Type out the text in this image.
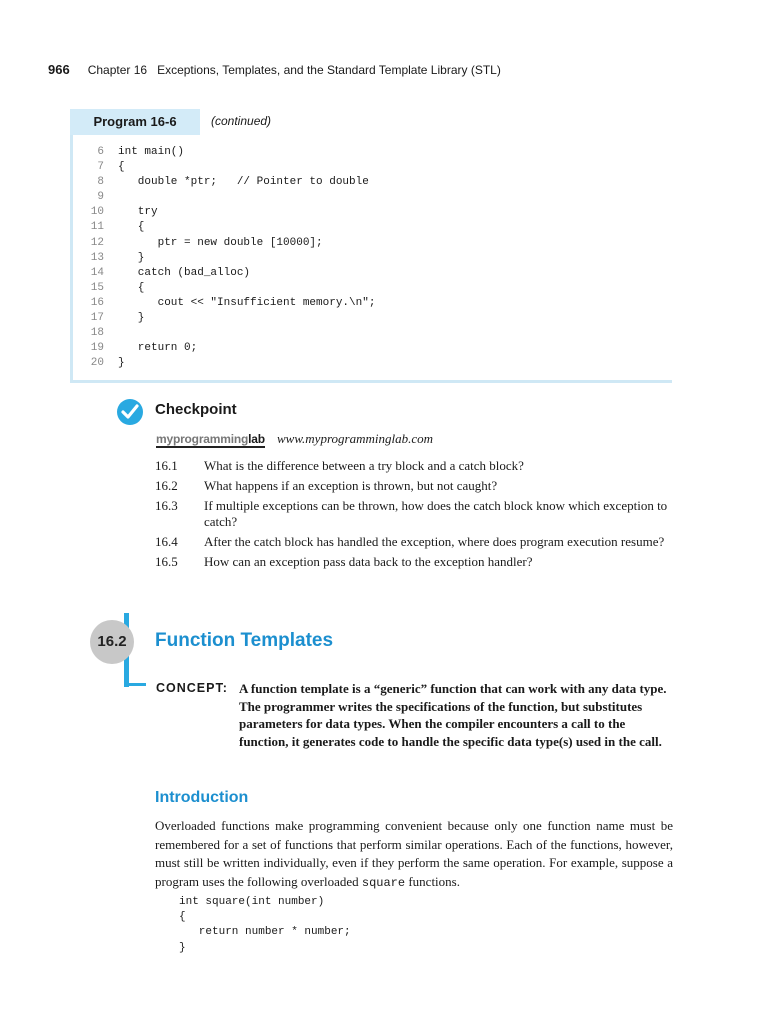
966 Chapter 16   Exceptions, Templates, and the Standard Template Library (STL)
Program 16-6	(continued)
6 int main()
7 {
8   double *ptr;   // Pointer to double
9
10   try
11   {
12      ptr = new double [10000];
13   }
14   catch (bad_alloc)
15   {
16      cout << "Insufficient memory.\n";
17   }
18
19   return 0;
20 }
Checkpoint
myprogramminglab www.myprogramminglab.com
16.1	What is the difference between a try block and a catch block?
16.2	What happens if an exception is thrown, but not caught?
16.3	If multiple exceptions can be thrown, how does the catch block know which exception to catch?
16.4	After the catch block has handled the exception, where does program execution resume?
16.5	How can an exception pass data back to the exception handler?
16.2	Function Templates
CONCEPT: A function template is a “generic” function that can work with any data type. The programmer writes the specifications of the function, but substitutes parameters for data types. When the compiler encounters a call to the function, it generates code to handle the specific data type(s) used in the call.
Introduction
Overloaded functions make programming convenient because only one function name must be remembered for a set of functions that perform similar operations. Each of the functions, however, must still be written individually, even if they perform the same operation. For example, suppose a program uses the following overloaded square functions.
int square(int number)
{
return number * number;
}
